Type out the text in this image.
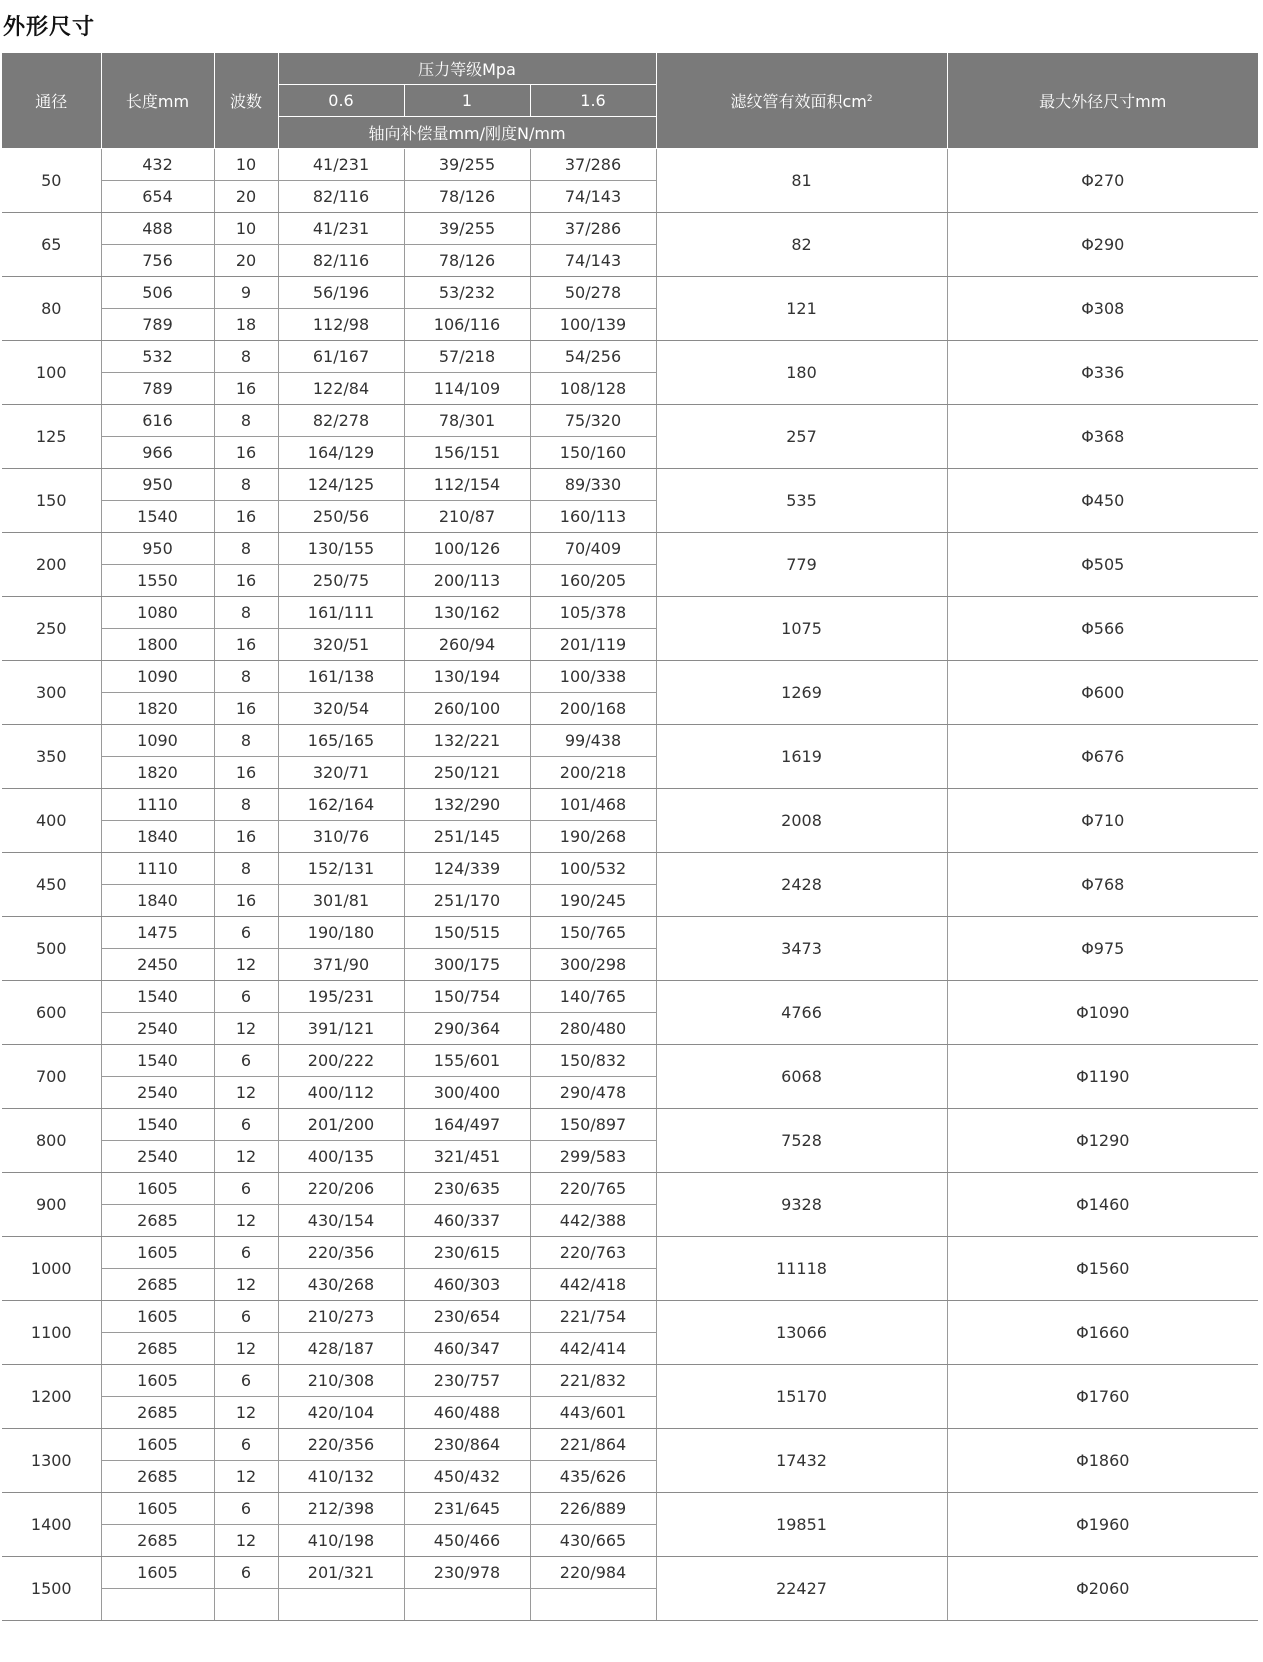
外形尺寸
通径	长度mm	波数	压力等级Mpa			滤纹管有效面积$cm^2$	最大外径尺寸mm
			0.6	1	1.6		
			轴向补偿量mm/刚度N/mm				
50	432	10	41/231	39/255	37/286	81	Φ270
	654	20	82/116	78/126	74/143		
65	488	10	41/231	39/255	37/286	82	Φ290
	756	20	82/116	78/126	74/143		
80	506	9	56/196	53/232	50/278	121	Φ308
	789	18	112/98	106/116	100/139		
100	532	8	61/167	57/218	54/256	180	Φ336
	789	16	122/84	114/109	108/128		
125	616	8	82/278	78/301	75/320	257	Φ368
	966	16	164/129	156/151	150/160		
150	950	8	124/125	112/154	89/330	535	Φ450
	1540	16	250/56	210/87	160/113		
200	950	8	130/155	100/126	70/409	779	Φ505
	1550	16	250/75	200/113	160/205		
250	1080	8	161/111	130/162	105/378	1075	Φ566
	1800	16	320/51	260/94	201/119		
300	1090	8	161/138	130/194	100/338	1269	Φ600
	1820	16	320/54	260/100	200/168		
350	1090	8	165/165	132/221	99/438	1619	Φ676
	1820	16	320/71	250/121	200/218		
400	1110	8	162/164	132/290	101/468	2008	Φ710
	1840	16	310/76	251/145	190/268		
450	1110	8	152/131	124/339	100/532	2428	Φ768
	1840	16	301/81	251/170	190/245		
500	1475	6	190/180	150/515	150/765	3473	Φ975
	2450	12	371/90	300/175	300/298		
600	1540	6	195/231	150/754	140/765	4766	Φ1090
	2540	12	391/121	290/364	280/480		
700	1540	6	200/222	155/601	150/832	6068	Φ1190
	2540	12	400/112	300/400	290/478		
800	1540	6	201/200	164/497	150/897	7528	Φ1290
	2540	12	400/135	321/451	299/583		
900	1605	6	220/206	230/635	220/765	9328	Φ1460
	2685	12	430/154	460/337	442/388		
1000	1605	6	220/356	230/615	220/763	11118	Φ1560
	2685	12	430/268	460/303	442/418		
1100	1605	6	210/273	230/654	221/754	13066	Φ1660
	2685	12	428/187	460/347	442/414		
1200	1605	6	210/308	230/757	221/832	15170	Φ1760
	2685	12	420/104	460/488	443/601		
1300	1605	6	220/356	230/864	221/864	17432	Φ1860
	2685	12	410/132	450/432	435/626		
1400	1605	6	212/398	231/645	226/889	19851	Φ1960
	2685	12	410/198	450/466	430/665		
1500	1605	6	201/321	230/978	220/984	22427	Φ2060
